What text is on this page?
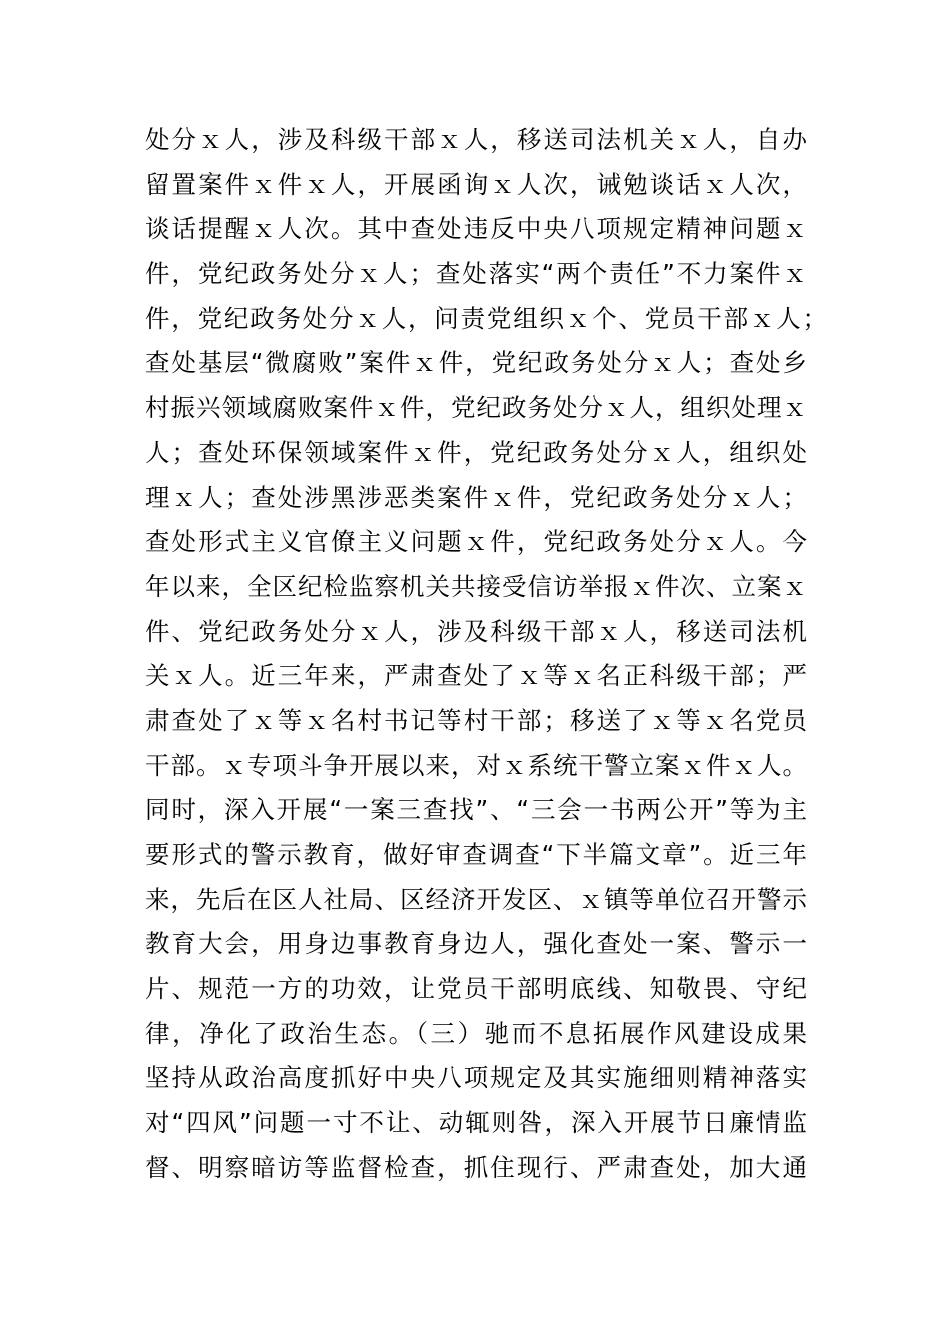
处分ｘ人，涉及科级干部ｘ人，移送司法机关ｘ人，自办
留置案件ｘ件ｘ人，开展函询ｘ人次，诫勉谈话ｘ人次，
谈话提醒ｘ人次。其中查处违反中央八项规定精神问题ｘ
件，党纪政务处分ｘ人；查处落实“两个责任”不力案件ｘ
件，党纪政务处分ｘ人，问责党组织ｘ个、党员干部ｘ人；
查处基层“微腐败”案件ｘ件，党纪政务处分ｘ人；查处乡
村振兴领域腐败案件ｘ件，党纪政务处分ｘ人，组织处理ｘ
人；查处环保领域案件ｘ件，党纪政务处分ｘ人，组织处
理ｘ人；查处涉黑涉恶类案件ｘ件，党纪政务处分ｘ人；
查处形式主义官僚主义问题ｘ件，党纪政务处分ｘ人。今
年以来，全区纪检监察机关共接受信访举报ｘ件次、立案ｘ
件、党纪政务处分ｘ人，涉及科级干部ｘ人，移送司法机
关ｘ人。近三年来，严肃查处了ｘ等ｘ名正科级干部；严
肃查处了ｘ等ｘ名村书记等村干部；移送了ｘ等ｘ名党员
干部。ｘ专项斗争开展以来，对ｘ系统干警立案ｘ件ｘ人。
同时，深入开展“一案三查找”、“三会一书两公开”等为主
要形式的警示教育，做好审查调查“下半篇文章”。近三年
来，先后在区人社局、区经济开发区、ｘ镇等单位召开警示
教育大会，用身边事教育身边人，强化查处一案、警示一
片、规范一方的功效，让党员干部明底线、知敬畏、守纪
律，净化了政治生态。（三）驰而不息拓展作风建设成果
坚持从政治高度抓好中央八项规定及其实施细则精神落实
对“四风”问题一寸不让、动辄则咎，深入开展节日廉情监
督、明察暗访等监督检查，抓住现行、严肃查处，加大通
